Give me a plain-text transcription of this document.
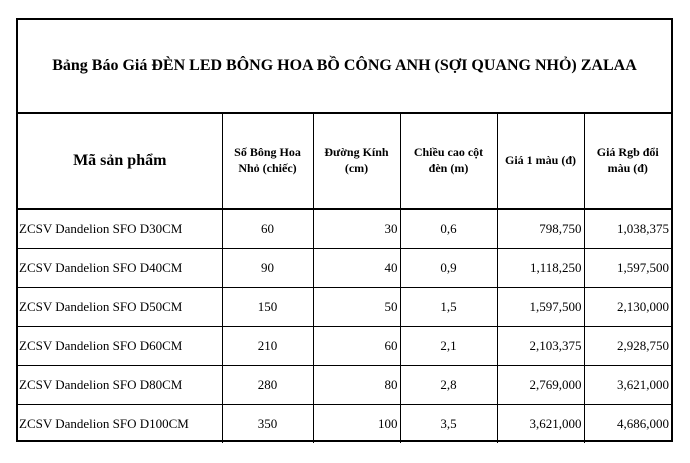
Bảng Báo Giá ĐÈN LED BÔNG HOA BỒ CÔNG ANH (SỢI QUANG NHỎ) ZALAA
Mã sản phẩm	Số Bông Hoa Nhỏ (chiếc)	Đường Kính (cm)	Chiều cao cột đèn (m)	Giá 1 màu (đ)	Giá Rgb đổi màu (đ)
ZCSV Dandelion SFO D30CM	60	30	0,6	798,750	1,038,375
ZCSV Dandelion SFO D40CM	90	40	0,9	1,118,250	1,597,500
ZCSV Dandelion SFO D50CM	150	50	1,5	1,597,500	2,130,000
ZCSV Dandelion SFO D60CM	210	60	2,1	2,103,375	2,928,750
ZCSV Dandelion SFO D80CM	280	80	2,8	2,769,000	3,621,000
ZCSV Dandelion SFO D100CM	350	100	3,5	3,621,000	4,686,000
